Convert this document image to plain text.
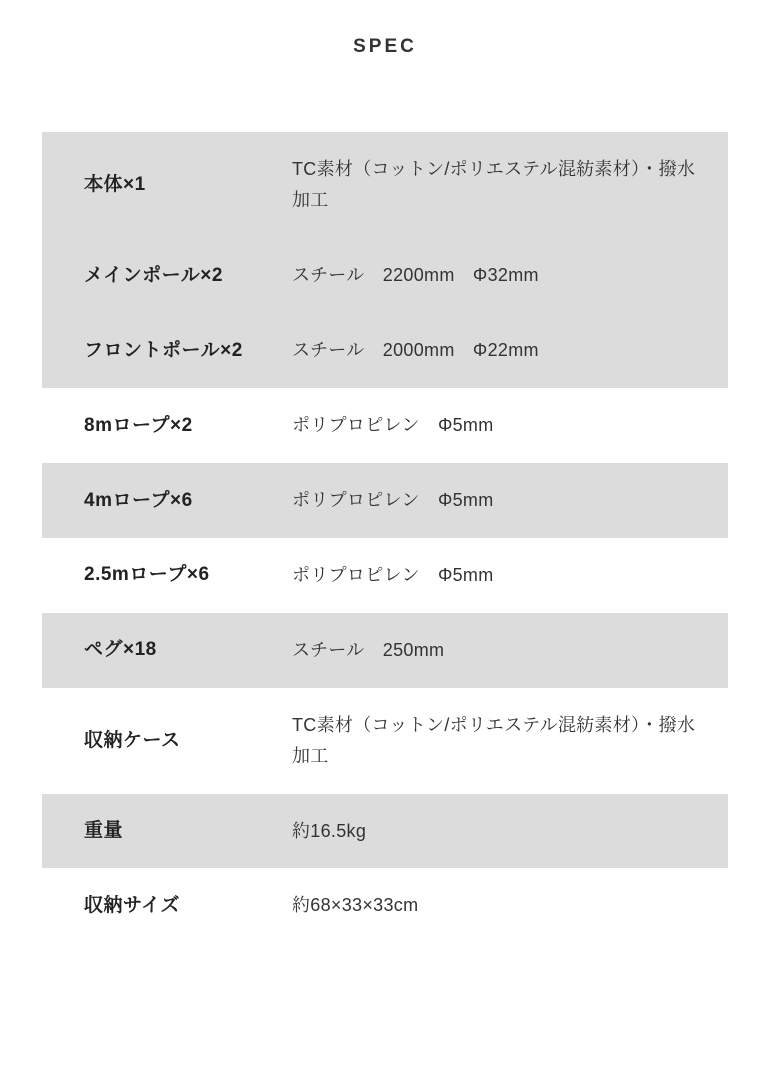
SPEC
本体×1	TC素材（コットン/ポリエステル混紡素材）・撥水加工
メインポール×2	スチール　2200mm　Φ32mm
フロントポール×2	スチール　2000mm　Φ22mm
8mロープ×2	ポリプロピレン　Φ5mm
4mロープ×6	ポリプロピレン　Φ5mm
2.5mロープ×6	ポリプロピレン　Φ5mm
ペグ×18	スチール　250mm
収納ケース	TC素材（コットン/ポリエステル混紡素材）・撥水加工
重量	約16.5kg
収納サイズ	約68×33×33cm
